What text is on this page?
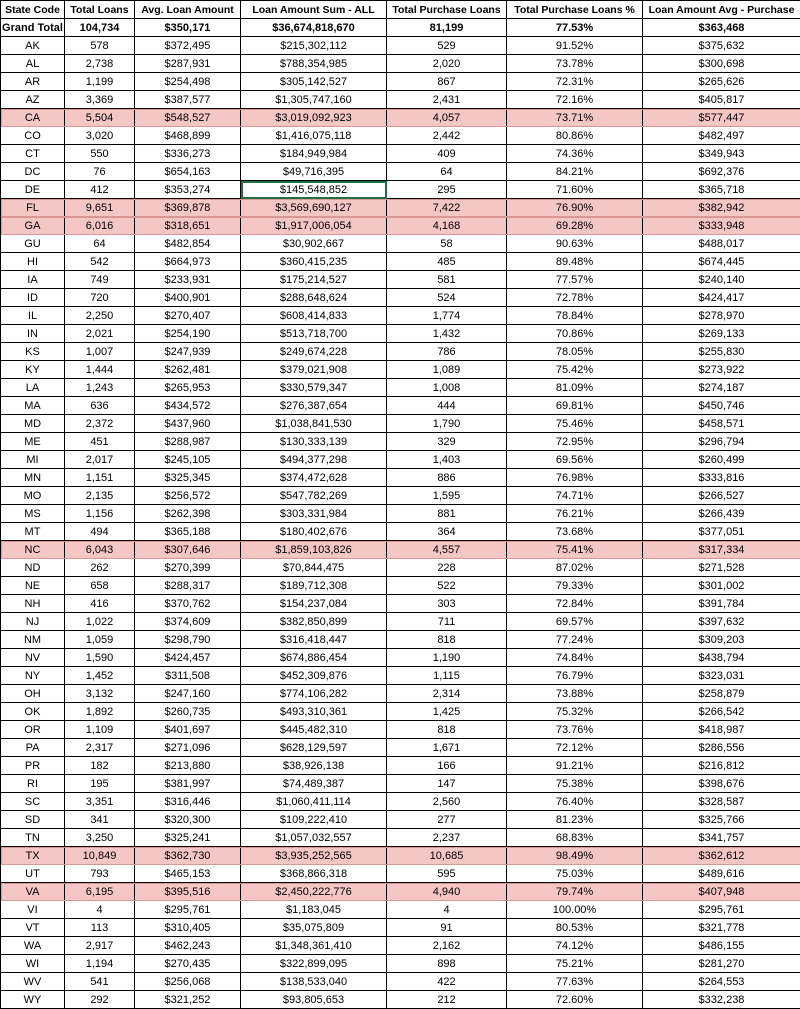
State Code	Total Loans	Avg. Loan Amount	Loan Amount Sum - ALL	Total Purchase Loans	Total Purchase Loans %	Loan Amount Avg - Purchase
Grand Total	104,734	$350,171	$36,674,818,670	81,199	77.53%	$363,468
AK	578	$372,495	$215,302,112	529	91.52%	$375,632
AL	2,738	$287,931	$788,354,985	2,020	73.78%	$300,698
AR	1,199	$254,498	$305,142,527	867	72.31%	$265,626
AZ	3,369	$387,577	$1,305,747,160	2,431	72.16%	$405,817
CA	5,504	$548,527	$3,019,092,923	4,057	73.71%	$577,447
CO	3,020	$468,899	$1,416,075,118	2,442	80.86%	$482,497
CT	550	$336,273	$184,949,984	409	74.36%	$349,943
DC	76	$654,163	$49,716,395	64	84.21%	$692,376
DE	412	$353,274	$145,548,852	295	71.60%	$365,718
FL	9,651	$369,878	$3,569,690,127	7,422	76.90%	$382,942
GA	6,016	$318,651	$1,917,006,054	4,168	69.28%	$333,948
GU	64	$482,854	$30,902,667	58	90.63%	$488,017
HI	542	$664,973	$360,415,235	485	89.48%	$674,445
IA	749	$233,931	$175,214,527	581	77.57%	$240,140
ID	720	$400,901	$288,648,624	524	72.78%	$424,417
IL	2,250	$270,407	$608,414,833	1,774	78.84%	$278,970
IN	2,021	$254,190	$513,718,700	1,432	70.86%	$269,133
KS	1,007	$247,939	$249,674,228	786	78.05%	$255,830
KY	1,444	$262,481	$379,021,908	1,089	75.42%	$273,922
LA	1,243	$265,953	$330,579,347	1,008	81.09%	$274,187
MA	636	$434,572	$276,387,654	444	69.81%	$450,746
MD	2,372	$437,960	$1,038,841,530	1,790	75.46%	$458,571
ME	451	$288,987	$130,333,139	329	72.95%	$296,794
MI	2,017	$245,105	$494,377,298	1,403	69.56%	$260,499
MN	1,151	$325,345	$374,472,628	886	76.98%	$333,816
MO	2,135	$256,572	$547,782,269	1,595	74.71%	$266,527
MS	1,156	$262,398	$303,331,984	881	76.21%	$266,439
MT	494	$365,188	$180,402,676	364	73.68%	$377,051
NC	6,043	$307,646	$1,859,103,826	4,557	75.41%	$317,334
ND	262	$270,399	$70,844,475	228	87.02%	$271,528
NE	658	$288,317	$189,712,308	522	79.33%	$301,002
NH	416	$370,762	$154,237,084	303	72.84%	$391,784
NJ	1,022	$374,609	$382,850,899	711	69.57%	$397,632
NM	1,059	$298,790	$316,418,447	818	77.24%	$309,203
NV	1,590	$424,457	$674,886,454	1,190	74.84%	$438,794
NY	1,452	$311,508	$452,309,876	1,115	76.79%	$323,031
OH	3,132	$247,160	$774,106,282	2,314	73.88%	$258,879
OK	1,892	$260,735	$493,310,361	1,425	75.32%	$266,542
OR	1,109	$401,697	$445,482,310	818	73.76%	$418,987
PA	2,317	$271,096	$628,129,597	1,671	72.12%	$286,556
PR	182	$213,880	$38,926,138	166	91.21%	$216,812
RI	195	$381,997	$74,489,387	147	75.38%	$398,676
SC	3,351	$316,446	$1,060,411,114	2,560	76.40%	$328,587
SD	341	$320,300	$109,222,410	277	81.23%	$325,766
TN	3,250	$325,241	$1,057,032,557	2,237	68.83%	$341,757
TX	10,849	$362,730	$3,935,252,565	10,685	98.49%	$362,612
UT	793	$465,153	$368,866,318	595	75.03%	$489,616
VA	6,195	$395,516	$2,450,222,776	4,940	79.74%	$407,948
VI	4	$295,761	$1,183,045	4	100.00%	$295,761
VT	113	$310,405	$35,075,809	91	80.53%	$321,778
WA	2,917	$462,243	$1,348,361,410	2,162	74.12%	$486,155
WI	1,194	$270,435	$322,899,095	898	75.21%	$281,270
WV	541	$256,068	$138,533,040	422	77.63%	$264,553
WY	292	$321,252	$93,805,653	212	72.60%	$332,238
